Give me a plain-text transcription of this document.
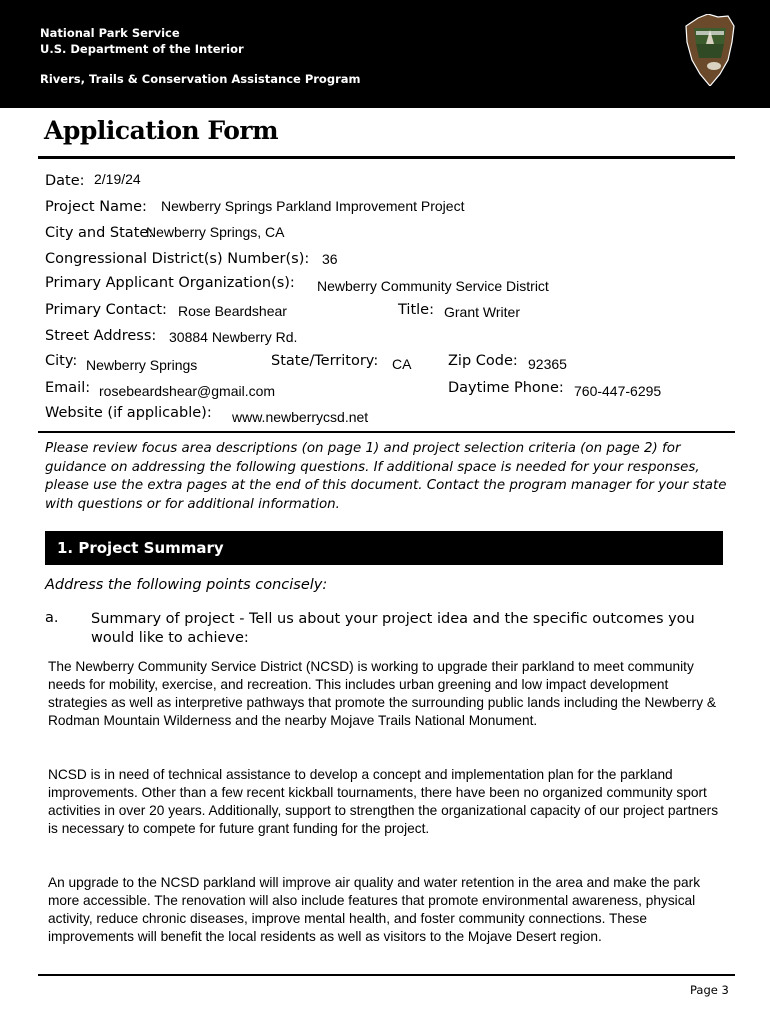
National Park Service
U.S. Department of the Interior
Rivers, Trails & Conservation Assistance Program
Application Form
Date: 2/19/24
Project Name: Newberry Springs Parkland Improvement Project
City and State:
Newberry Springs, CA
Congressional District(s) Number(s): 36
Primary Applicant Organization(s): Newberry Community Service District
Primary Contact: Rose Beardshear	Title: Grant Writer
Street Address: 30884 Newberry Rd.
City: Newberry Springs	State/Territory: CA	Zip Code: 92365
Email: rosebeardshear@gmail.com	Daytime Phone: 760-447-6295
Website (if applicable): www.newberrycsd.net
Please review focus area descriptions (on page 1) and project selection criteria (on page 2) for guidance on addressing the following questions. If additional space is needed for your responses, please use the extra pages at the end of this document. Contact the program manager for your state with questions or for additional information.
1. Project Summary
Address the following points concisely:
a. Summary of project - Tell us about your project idea and the specific outcomes you would like to achieve:
The Newberry Community Service District (NCSD) is working to upgrade their parkland to meet community needs for mobility, exercise, and recreation. This includes urban greening and low impact development strategies as well as interpretive pathways that promote the surrounding public lands including the Newberry & Rodman Mountain Wilderness and the nearby Mojave Trails National Monument.
NCSD is in need of technical assistance to develop a concept and implementation plan for the parkland improvements. Other than a few recent kickball tournaments, there have been no organized community sport activities in over 20 years. Additionally, support to strengthen the organizational capacity of our project partners is necessary to compete for future grant funding for the project.
An upgrade to the NCSD parkland will improve air quality and water retention in the area and make the park more accessible. The renovation will also include features that promote environmental awareness, physical activity, reduce chronic diseases, improve mental health, and foster community connections. These improvements will benefit the local residents as well as visitors to the Mojave Desert region.
Page 3
